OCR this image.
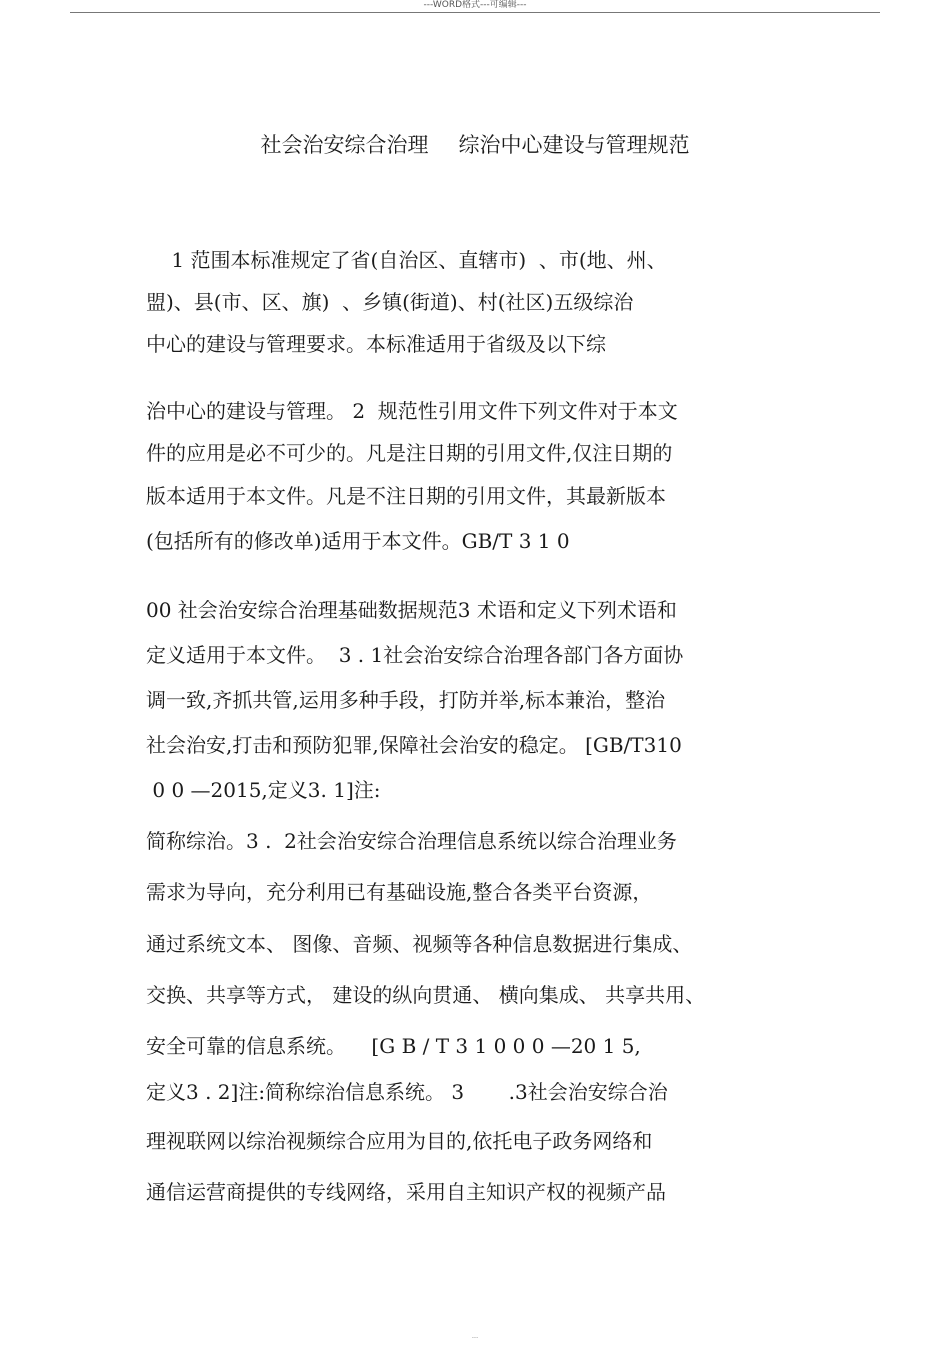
---WORD格式---可编辑---
社会治安综合治理 综治中心建设与管理规范
1 范围本标准规定了省(自治区、直辖市)  、市(地、州、
盟)、县(市、区、旗)  、乡镇(街道)、村(社区)五级综治
中心的建设与管理要求。本标准适用于省级及以下综
治中心的建设与管理。 2  规范性引用文件下列文件对于本文
件的应用是必不可少的。凡是注日期的引用文件,仅注日期的
版本适用于本文件。凡是不注日期的引用文件，其最新版本
(包括所有的修改单)适用于本文件。GB/T 3 1 0
00 社会治安综合治理基础数据规范3 术语和定义下列术语和
定义适用于本文件。  3 . 1社会治安综合治理各部门各方面协
调一致,齐抓共管,运用多种手段，打防并举,标本兼治，整治
社会治安,打击和预防犯罪,保障社会治安的稳定。 [GB/T310
0 0 —2015,定义3. 1]注:
简称综治。3 .  2社会治安综合治理信息系统以综合治理业务
需求为导向，充分利用已有基础设施,整合各类平台资源，
通过系统文本、 图像、音频、视频等各种信息数据进行集成、
交换、共享等方式， 建设的纵向贯通、 横向集成、 共享共用、
安全可靠的信息系统。    [G B / T 3 1 0 0 0 —20 1 5,
定义3 . 2]注:简称综治信息系统。 3       .3社会治安综合治
理视联网以综治视频综合应用为目的,依托电子政务网络和
通信运营商提供的专线网络，采用自主知识产权的视频产品
---
